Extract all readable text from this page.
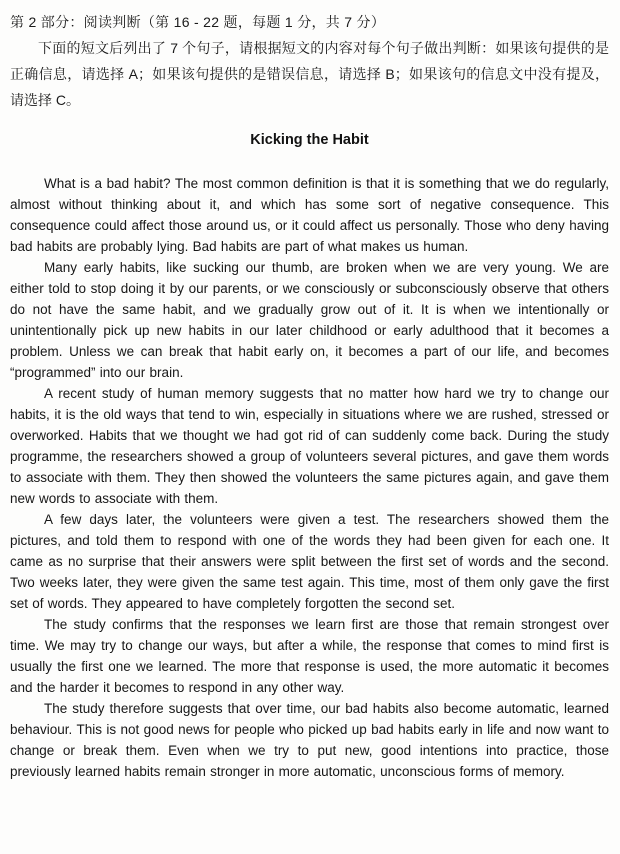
第 2 部分：阅读判断（第 16 - 22 题，每题 1 分，共 7 分）

下面的短文后列出了 7 个句子，请根据短文的内容对每个句子做出判断：如果该句提供的是正确信息，请选择 A；如果该句提供的是错误信息，请选择 B；如果该句的信息文中没有提及，请选择 C。

Kicking the Habit

What is a bad habit? The most common definition is that it is something that we do regularly, almost without thinking about it, and which has some sort of negative consequence. This consequence could affect those around us, or it could affect us personally. Those who deny having bad habits are probably lying. Bad habits are part of what makes us human.

Many early habits, like sucking our thumb, are broken when we are very young. We are either told to stop doing it by our parents, or we consciously or subconsciously observe that others do not have the same habit, and we gradually grow out of it. It is when we intentionally or unintentionally pick up new habits in our later childhood or early adulthood that it becomes a problem. Unless we can break that habit early on, it becomes a part of our life, and becomes “programmed” into our brain.

A recent study of human memory suggests that no matter how hard we try to change our habits, it is the old ways that tend to win, especially in situations where we are rushed, stressed or overworked. Habits that we thought we had got rid of can suddenly come back. During the study programme, the researchers showed a group of volunteers several pictures, and gave them words to associate with them. They then showed the volunteers the same pictures again, and gave them new words to associate with them.

A few days later, the volunteers were given a test. The researchers showed them the pictures, and told them to respond with one of the words they had been given for each one. It came as no surprise that their answers were split between the first set of words and the second. Two weeks later, they were given the same test again. This time, most of them only gave the first set of words. They appeared to have completely forgotten the second set.

The study confirms that the responses we learn first are those that remain strongest over time. We may try to change our ways, but after a while, the response that comes to mind first is usually the first one we learned. The more that response is used, the more automatic it becomes and the harder it becomes to respond in any other way.

The study therefore suggests that over time, our bad habits also become automatic, learned behaviour. This is not good news for people who picked up bad habits early in life and now want to change or break them. Even when we try to put new, good intentions into practice, those previously learned habits remain stronger in more automatic, unconscious forms of memory.
